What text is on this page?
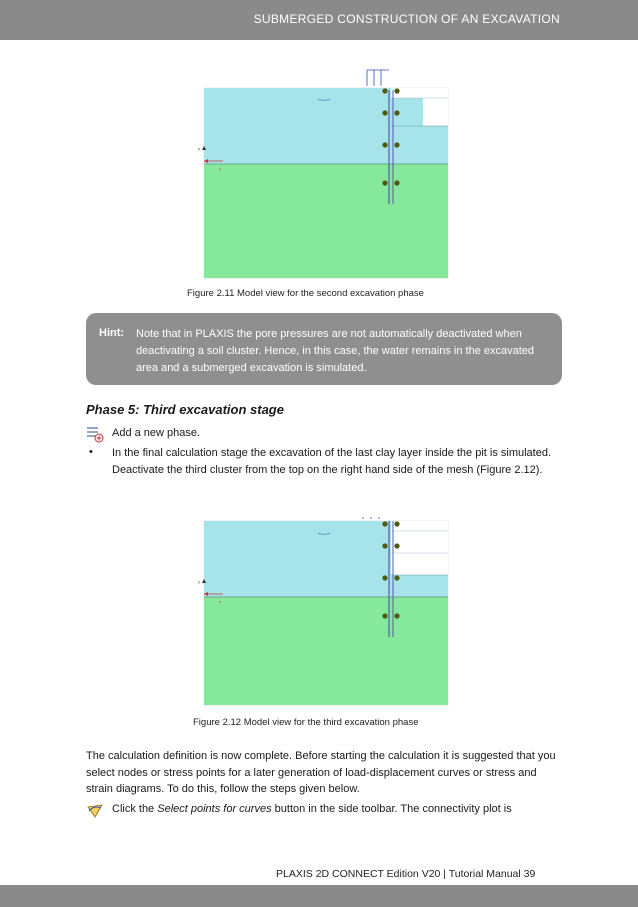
SUBMERGED CONSTRUCTION OF AN EXCAVATION
y
x
Figure 2.11 Model view for the second excavation phase
Hint: Note that in PLAXIS the pore pressures are not automatically deactivated when deactivating a soil cluster. Hence, in this case, the water remains in the excavated area and a submerged excavation is simulated.
Phase 5: Third excavation stage
Add a new phase.
• In the final calculation stage the excavation of the last clay layer inside the pit is simulated. Deactivate the third cluster from the top on the right hand side of the mesh (Figure 2.12).
y
x
Figure 2.12 Model view for the third excavation phase
The calculation definition is now complete. Before starting the calculation it is suggested that you select nodes or stress points for a later generation of load-displacement curves or stress and strain diagrams. To do this, follow the steps given below.
Click the Select points for curves button in the side toolbar. The connectivity plot is
PLAXIS 2D CONNECT Edition V20 | Tutorial Manual 39
